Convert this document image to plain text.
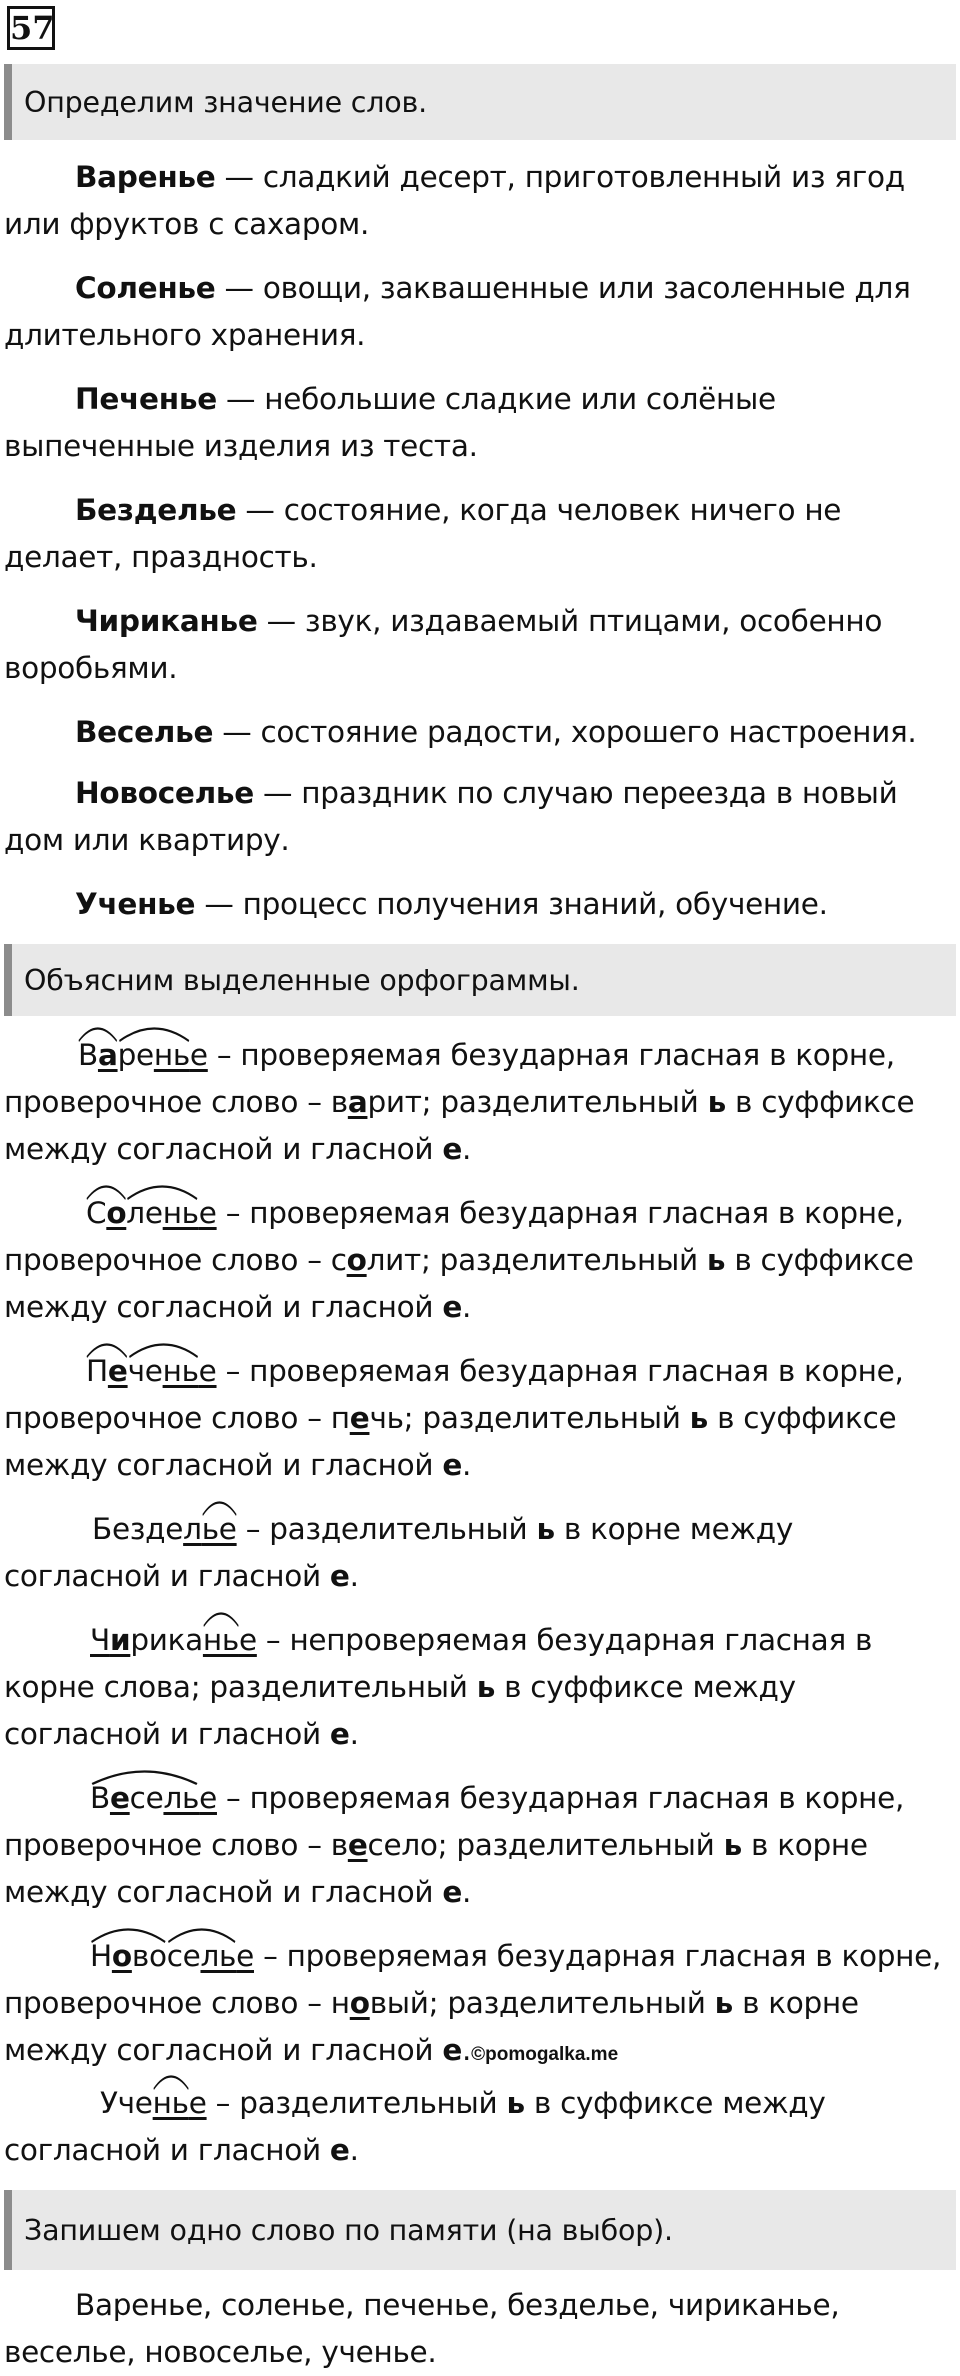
57
Определим значение слов.
Варенье — сладкий десерт, приготовленный из ягод или фруктов с сахаром.
Соленье — овощи, заквашенные или засоленные для длительного хранения.
Печенье — небольшие сладкие или солёные выпеченные изделия из теста.
Безделье — состояние, когда человек ничего не делает, праздность.
Чириканье — звук, издаваемый птицами, особенно воробьями.
Веселье — состояние радости, хорошего настроения.
Новоселье — праздник по случаю переезда в новый дом или квартиру.
Ученье — процесс получения знаний, обучение.
Объясним выделенные орфограммы.
Ва
ренье – проверяемая безударная гласная в корне, проверочное слово – варит; разделительный ь в суффиксе между согласной и гласной е.
Со
ленье – проверяемая безударная гласная в корне, проверочное слово – солит; разделительный ь в суффиксе между согласной и гласной е.
Пе
ченье – проверяемая безударная гласная в корне, проверочное слово – печь; разделительный ь в суффиксе между согласной и гласной е.
Бездел
ье – разделительный ь в корне между согласной и гласной е.
Чирика
нье – непроверяемая безударная гласная в корне слова; разделительный ь в суффиксе между согласной и гласной е.
Веселье – проверяемая безударная гласная в корне, проверочное слово – весело; разделительный ь в корне между согласной и гласной е.
Ново
селье – проверяемая безударная гласная в корне, проверочное слово – новый; разделительный ь в корне между согласной и гласной е.©pomogalka.me
Уче
нье – разделительный ь в суффиксе между согласной и гласной е.
Запишем одно слово по памяти (на выбор).
Варенье, соленье, печенье, безделье, чириканье, веселье, новоселье, ученье.
